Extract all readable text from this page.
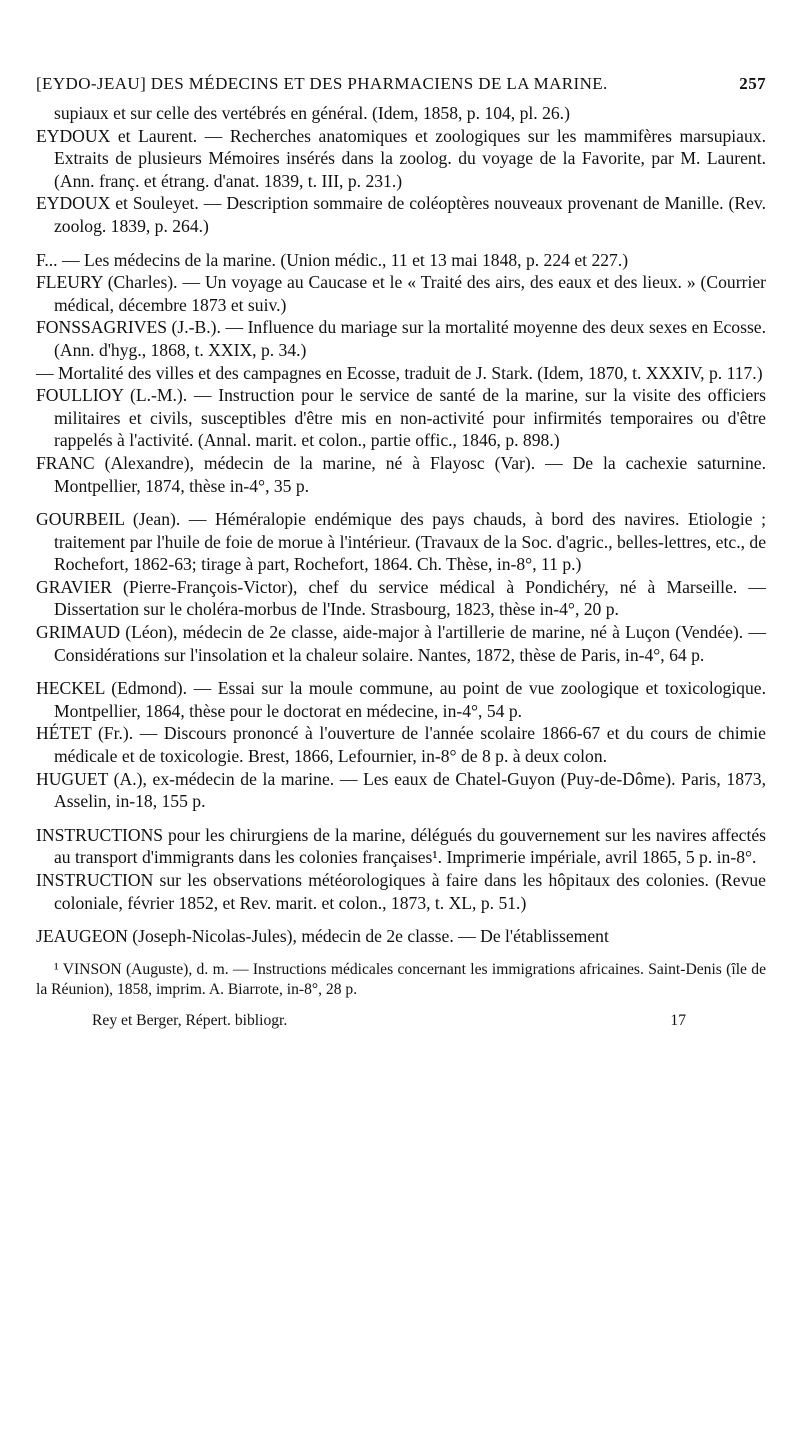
[EYDO-JEAU] DES MÉDECINS ET DES PHARMACIENS DE LA MARINE.	257

supiaux et sur celle des vertébrés en général. (Idem, 1858, p. 104, pl. 26.)

EYDOUX et Laurent. — Recherches anatomiques et zoologiques sur les mammifères marsupiaux. Extraits de plusieurs Mémoires insérés dans la zoolog. du voyage de la Favorite, par M. Laurent. (Ann. franç. et étrang. d'anat. 1839, t. III, p. 231.)

EYDOUX et Souleyet. — Description sommaire de coléoptères nouveaux provenant de Manille. (Rev. zoolog. 1839, p. 264.)

F... — Les médecins de la marine. (Union médic., 11 et 13 mai 1848, p. 224 et 227.)

FLEURY (Charles). — Un voyage au Caucase et le « Traité des airs, des eaux et des lieux. » (Courrier médical, décembre 1873 et suiv.)

FONSSAGRIVES (J.-B.). — Influence du mariage sur la mortalité moyenne des deux sexes en Ecosse. (Ann. d'hyg., 1868, t. XXIX, p. 34.)

— Mortalité des villes et des campagnes en Ecosse, traduit de J. Stark. (Idem, 1870, t. XXXIV, p. 117.)

FOULLIOY (L.-M.). — Instruction pour le service de santé de la marine, sur la visite des officiers militaires et civils, susceptibles d'être mis en non-activité pour infirmités temporaires ou d'être rappelés à l'activité. (Annal. marit. et colon., partie offic., 1846, p. 898.)

FRANC (Alexandre), médecin de la marine, né à Flayosc (Var). — De la cachexie saturnine. Montpellier, 1874, thèse in-4°, 35 p.

GOURBEIL (Jean). — Héméralopie endémique des pays chauds, à bord des navires. Etiologie ; traitement par l'huile de foie de morue à l'intérieur. (Travaux de la Soc. d'agric., belles-lettres, etc., de Rochefort, 1862-63; tirage à part, Rochefort, 1864. Ch. Thèse, in-8°, 11 p.)

GRAVIER (Pierre-François-Victor), chef du service médical à Pondichéry, né à Marseille. — Dissertation sur le choléra-morbus de l'Inde. Strasbourg, 1823, thèse in-4°, 20 p.

GRIMAUD (Léon), médecin de 2e classe, aide-major à l'artillerie de marine, né à Luçon (Vendée). — Considérations sur l'insolation et la chaleur solaire. Nantes, 1872, thèse de Paris, in-4°, 64 p.

HECKEL (Edmond). — Essai sur la moule commune, au point de vue zoologique et toxicologique. Montpellier, 1864, thèse pour le doctorat en médecine, in-4°, 54 p.

HÉTET (Fr.). — Discours prononcé à l'ouverture de l'année scolaire 1866-67 et du cours de chimie médicale et de toxicologie. Brest, 1866, Lefournier, in-8° de 8 p. à deux colon.

HUGUET (A.), ex-médecin de la marine. — Les eaux de Chatel-Guyon (Puy-de-Dôme). Paris, 1873, Asselin, in-18, 155 p.

INSTRUCTIONS pour les chirurgiens de la marine, délégués du gouvernement sur les navires affectés au transport d'immigrants dans les colonies françaises¹. Imprimerie impériale, avril 1865, 5 p. in-8°.

INSTRUCTION sur les observations météorologiques à faire dans les hôpitaux des colonies. (Revue coloniale, février 1852, et Rev. marit. et colon., 1873, t. XL, p. 51.)

JEAUGEON (Joseph-Nicolas-Jules), médecin de 2e classe. — De l'établissement

¹ VINSON (Auguste), d. m. — Instructions médicales concernant les immigrations africaines. Saint-Denis (île de la Réunion), 1858, imprim. A. Biarrote, in-8°, 28 p.

Rey et Berger, Répert. bibliogr.	17
